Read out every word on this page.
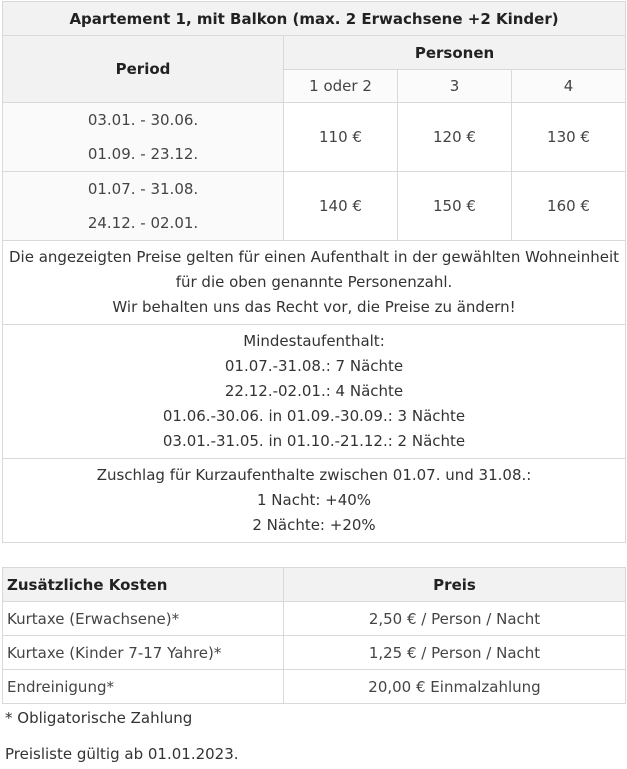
Apartement 1, mit Balkon (max. 2 Erwachsene +2 Kinder)			
Period	Personen		
	1 oder 2	3	4

03.01. - 30.06.
01.09. - 23.12.	110 €	120 €	130 €

01.07. - 31.08.
24.12. - 02.01.	140 €	150 €	160 €

Die angezeigten Preise gelten für einen Aufenthalt in der gewählten Wohneinheit
für die oben genannte Personenzahl.
Wir behalten uns das Recht vor, die Preise zu ändern!			

Mindestaufenthalt:
01.07.-31.08.: 7 Nächte
22.12.-02.01.: 4 Nächte
01.06.-30.06. in 01.09.-30.09.: 3 Nächte
03.01.-31.05. in 01.10.-21.12.: 2 Nächte			

Zuschlag für Kurzaufenthalte zwischen 01.07. und 31.08.:
1 Nacht: +40%
2 Nächte: +20%			
Zusätzliche Kosten	Preis
Kurtaxe (Erwachsene)*	2,50 € / Person / Nacht
Kurtaxe (Kinder 7-17 Yahre)*	1,25 € / Person / Nacht
Endreinigung*	20,00 € Einmalzahlung
* Obligatorische Zahlung
Preisliste gültig ab 01.01.2023.
